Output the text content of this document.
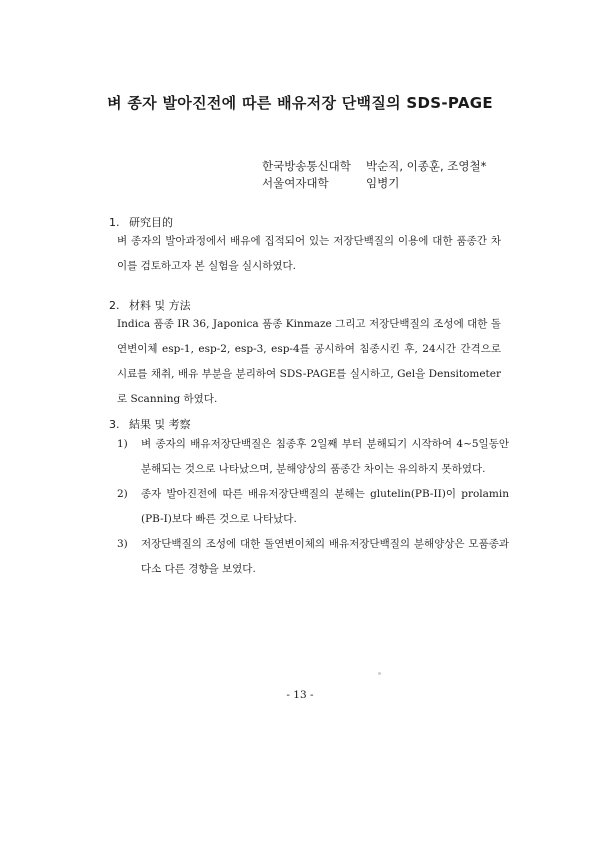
벼 종자 발아진전에 따른 배유저장 단백질의 SDS-PAGE
한국방송통신대학	박순직, 이종훈, 조영철*
서울여자대학	임병기
1. 研究目的
벼 종자의 발아과정에서 배유에 집적되어 있는 저장단백질의 이용에 대한 품종간 차이를 검토하고자 본 실험을 실시하였다.
2. 材料 및 方法
Indica 품종 IR 36, Japonica 품종 Kinmaze 그리고 저장단백질의 조성에 대한 돌연변이체 esp-1, esp-2, esp-3, esp-4를 공시하여 침종시킨 후, 24시간 간격으로 시료를 채취, 배유 부분을 분리하여 SDS-PAGE를 실시하고, Gel을 Densitometer로 Scanning 하였다.
3. 結果 및 考察
1)	벼 종자의 배유저장단백질은 침종후 2일째 부터 분해되기 시작하여 4~5일동안 분해되는 것으로 나타났으며, 분해양상의 품종간 차이는 유의하지 못하였다.
2)	종자 발아진전에 따른 배유저장단백질의 분해는 glutelin(PB-II)이 prolamin (PB-I)보다 빠른 것으로 나타났다.
3)	저장단백질의 조성에 대한 돌연변이체의 배유저장단백질의 분해양상은 모품종과 다소 다른 경향을 보였다.
- 13 -
